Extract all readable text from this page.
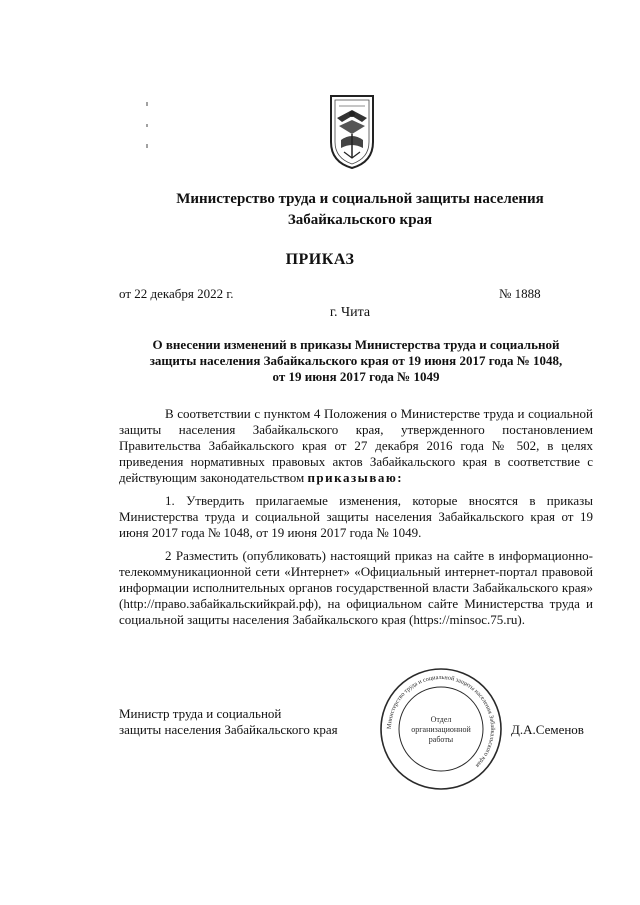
Министерство труда и социальной защиты населения
Забайкальского края
ПРИКАЗ
от 22 декабря 2022 г.	№ 1888
г. Чита
О внесении изменений в приказы Министерства труда и социальной
защиты населения Забайкальского края от 19 июня 2017 года № 1048,
от 19 июня 2017 года № 1049
В соответствии с пунктом 4 Положения о Министерстве труда и социальной защиты населения Забайкальского края, утвержденного постановлением Правительства Забайкальского края от 27 декабря 2016 года № 502, в целях приведения нормативных правовых актов Забайкальского края в соответствие с действующим законодательством приказываю:
1. Утвердить прилагаемые изменения, которые вносятся в приказы Министерства труда и социальной защиты населения Забайкальского края от 19 июня 2017 года № 1048, от 19 июня 2017 года № 1049.
2 Разместить (опубликовать) настоящий приказ на сайте в информационно-телекоммуникационной сети «Интернет» «Официальный интернет-портал правовой информации исполнительных органов государственной власти Забайкальского края» (http://право.забайкальскийкрай.рф), на официальном сайте Министерства труда и социальной защиты населения Забайкальского края (https://minsoc.75.ru).
Министр труда и социальной
защиты населения Забайкальского края	Министерство труда и социальной защиты населения Забайкальского края
Отдел
организационной
работы
Д.А.Семенов
